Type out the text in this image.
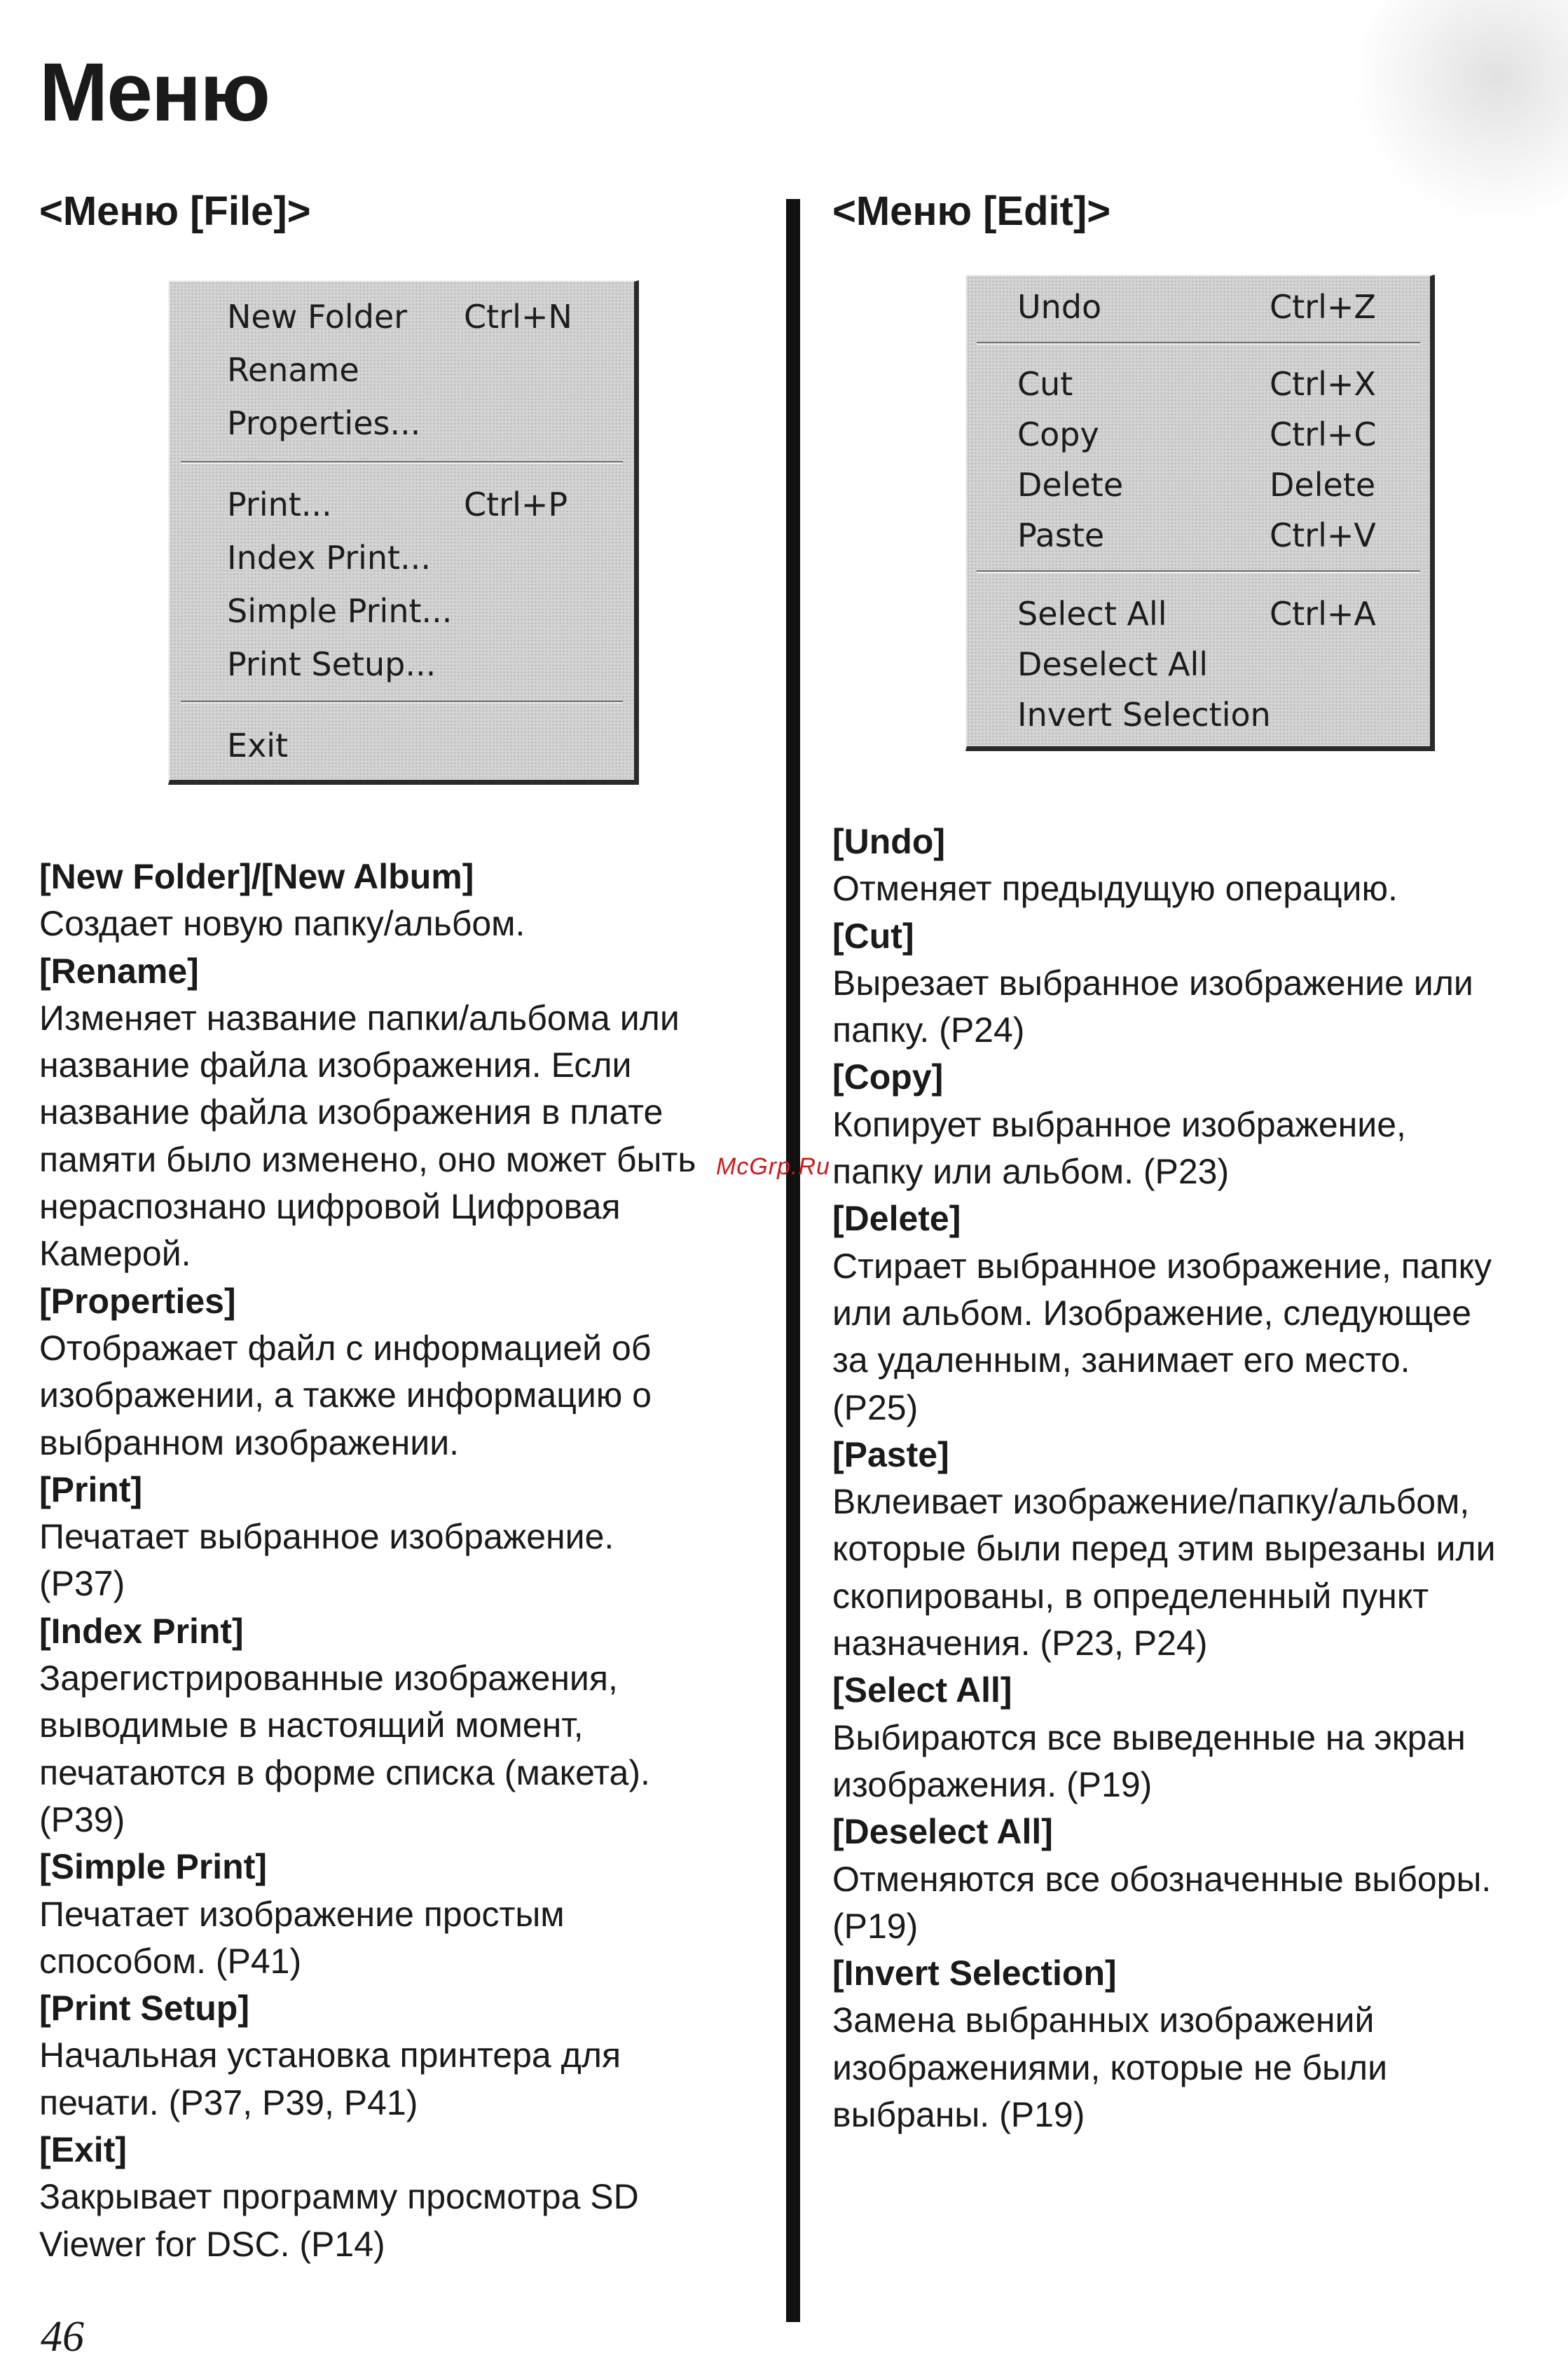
Меню
<Меню [File]>	<Меню [Edit]>
New Folder Ctrl+N
Rename
Properties...
Print...	Ctrl+P
Index Print...
Simple Print...
Print Setup...
Exit
Undo	Ctrl+Z
Cut	Ctrl+X
Copy	Ctrl+C
Delete	Delete
Paste	Ctrl+V
Select All	Ctrl+A
Deselect All
Invert Selection

[New Folder]/[New Album]

Создает новую папку/альбом.

[Rename]

Изменяет название папки/альбома или

название файла изображения. Если

название файла изображения в плате

памяти было изменено, оно может быть

нераспознано цифровой Цифровая

Камерой.

[Properties]

Отображает файл с информацией об

изображении, а также информацию о

выбранном изображении.

[Print]

Печатает выбранное изображение.

(P37)

[Index Print]

Зарегистрированные изображения,

выводимые в настоящий момент,

печатаются в форме списка (макета).

(P39)

[Simple Print]

Печатает изображение простым

способом. (P41)

[Print Setup]

Начальная установка принтера для

печати. (P37, P39, P41)

[Exit]

Закрывает программу просмотра SD

Viewer for DSC. (P14)

[Undo]

Отменяет предыдущую операцию.

[Cut]

Вырезает выбранное изображение или

папку. (P24)

[Copy]

Копирует выбранное изображение,

папку или альбом. (P23)

[Delete]

Стирает выбранное изображение, папку

или альбом. Изображение, следующее

за удаленным, занимает его место.

(P25)

[Paste]

Вклеивает изображение/папку/альбом,

которые были перед этим вырезаны или

скопированы, в определенный пункт

назначения. (P23, P24)

[Select All]

Выбираются все выведенные на экран

изображения. (P19)

[Deselect All]

Отменяются все обозначенные выборы.

(P19)

[Invert Selection]

Замена выбранных изображений

изображениями, которые не были

выбраны. (P19)

McGrp.Ru
46
